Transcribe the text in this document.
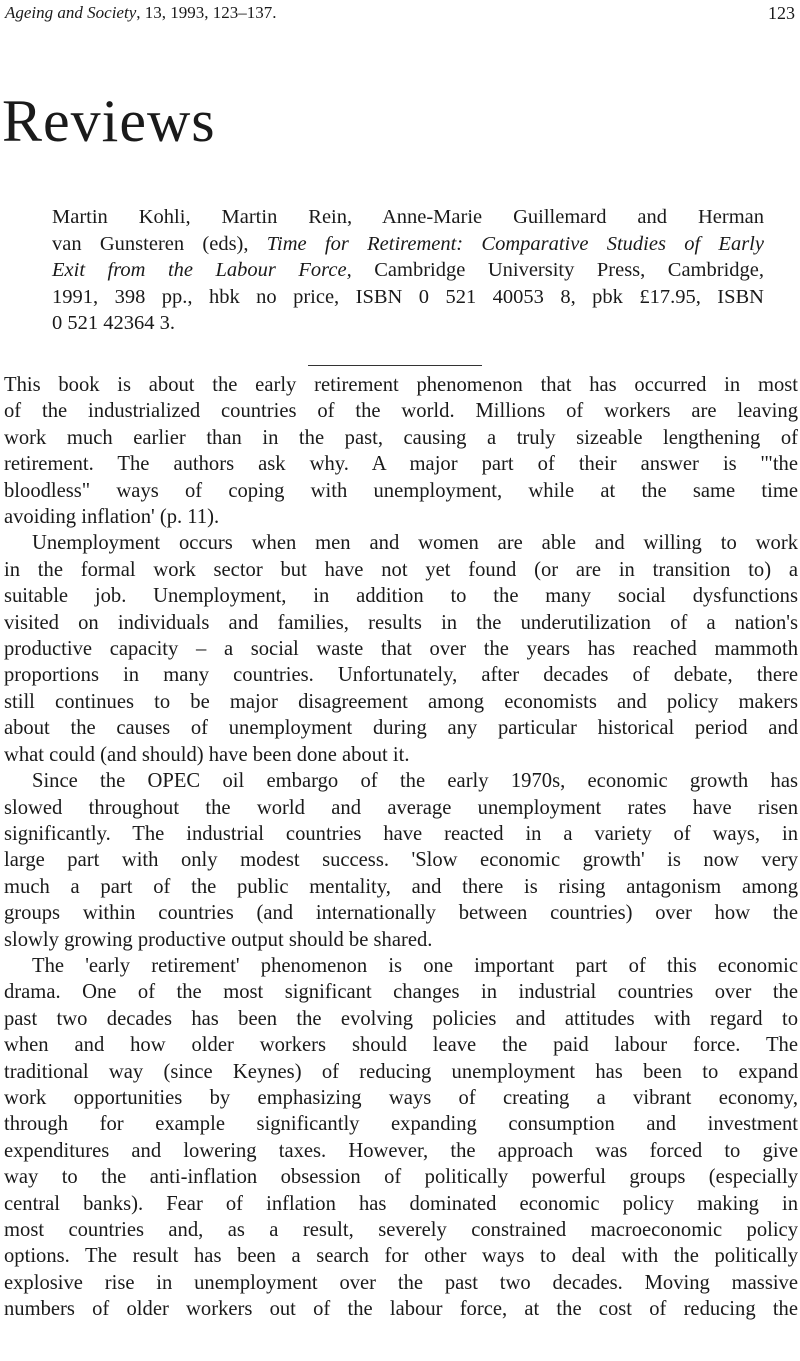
Ageing and Society, 13, 1993, 123–137.	123
Reviews
Martin Kohli, Martin Rein, Anne-Marie Guillemard and Herman
van Gunsteren (eds), Time for Retirement: Comparative Studies of Early
Exit from the Labour Force, Cambridge University Press, Cambridge,
1991, 398 pp., hbk no price, ISBN 0 521 40053 8, pbk £17.95, ISBN
0 521 42364 3.

This book is about the early retirement phenomenon that has occurred in most
of the industrialized countries of the world. Millions of workers are leaving
work much earlier than in the past, causing a truly sizeable lengthening of
retirement. The authors ask why. A major part of their answer is '"the
bloodless" ways of coping with unemployment, while at the same time
avoiding inflation' (p. 11).

Unemployment occurs when men and women are able and willing to work
in the formal work sector but have not yet found (or are in transition to) a
suitable job. Unemployment, in addition to the many social dysfunctions
visited on individuals and families, results in the underutilization of a nation's
productive capacity – a social waste that over the years has reached mammoth
proportions in many countries. Unfortunately, after decades of debate, there
still continues to be major disagreement among economists and policy makers
about the causes of unemployment during any particular historical period and
what could (and should) have been done about it.

Since the OPEC oil embargo of the early 1970s, economic growth has
slowed throughout the world and average unemployment rates have risen
significantly. The industrial countries have reacted in a variety of ways, in
large part with only modest success. 'Slow economic growth' is now very
much a part of the public mentality, and there is rising antagonism among
groups within countries (and internationally between countries) over how the
slowly growing productive output should be shared.

The 'early retirement' phenomenon is one important part of this economic
drama. One of the most significant changes in industrial countries over the
past two decades has been the evolving policies and attitudes with regard to
when and how older workers should leave the paid labour force. The
traditional way (since Keynes) of reducing unemployment has been to expand
work opportunities by emphasizing ways of creating a vibrant economy,
through for example significantly expanding consumption and investment
expenditures and lowering taxes. However, the approach was forced to give
way to the anti-inflation obsession of politically powerful groups (especially
central banks). Fear of inflation has dominated economic policy making in
most countries and, as a result, severely constrained macroeconomic policy
options. The result has been a search for other ways to deal with the politically
explosive rise in unemployment over the past two decades. Moving massive
numbers of older workers out of the labour force, at the cost of reducing the
